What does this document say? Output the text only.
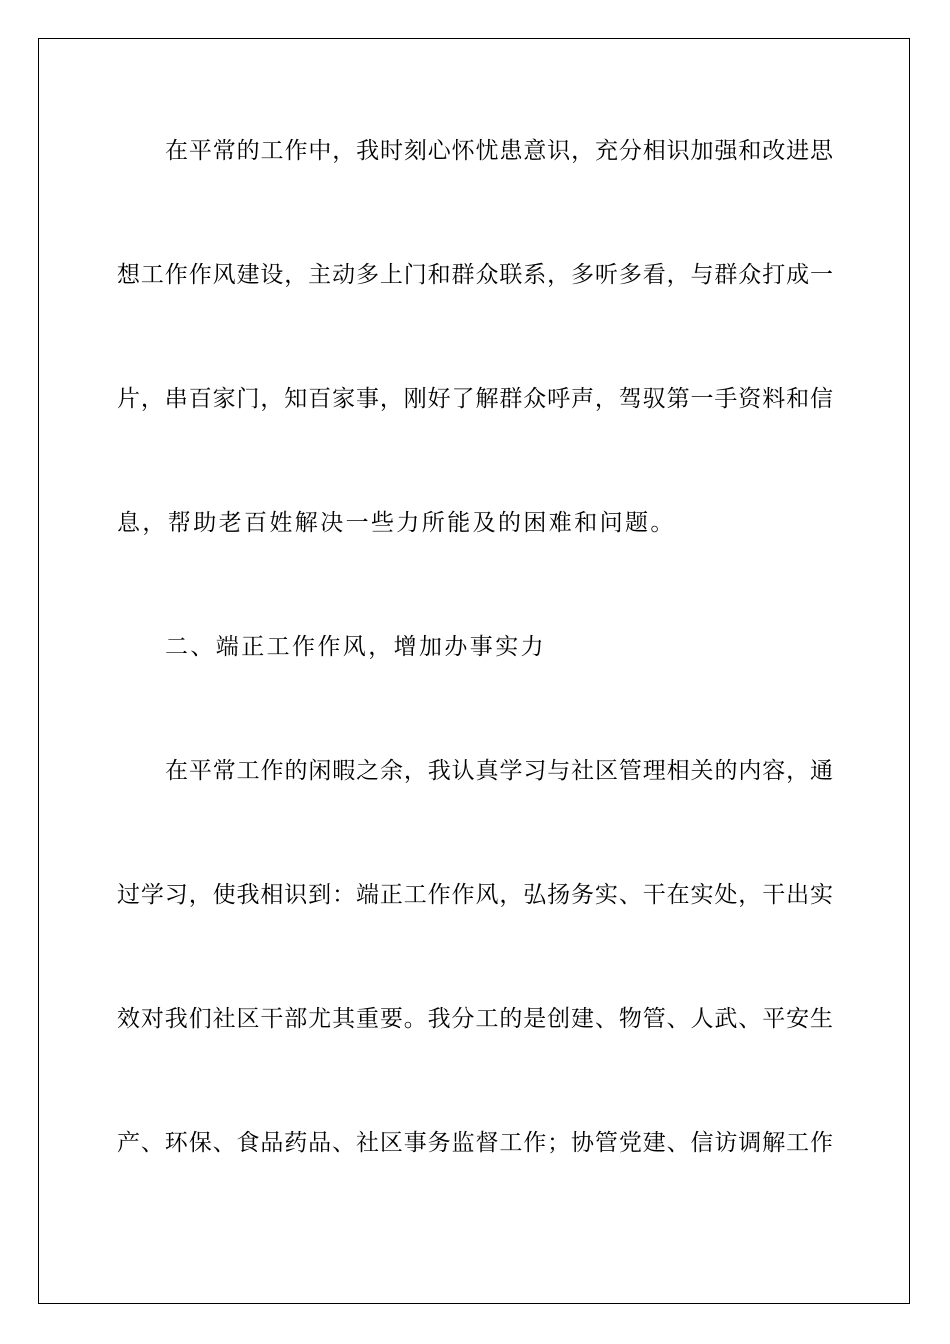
在平常的工作中，我时刻心怀忧患意识，充分相识加强和改进思
想工作作风建设，主动多上门和群众联系，多听多看，与群众打成一
片，串百家门，知百家事，刚好了解群众呼声，驾驭第一手资料和信
息，帮助老百姓解决一些力所能及的困难和问题。
二、端正工作作风，增加办事实力
在平常工作的闲暇之余，我认真学习与社区管理相关的内容，通
过学习，使我相识到：端正工作作风，弘扬务实、干在实处，干出实
效对我们社区干部尤其重要。我分工的是创建、物管、人武、平安生
产、环保、食品药品、社区事务监督工作；协管党建、信访调解工作
